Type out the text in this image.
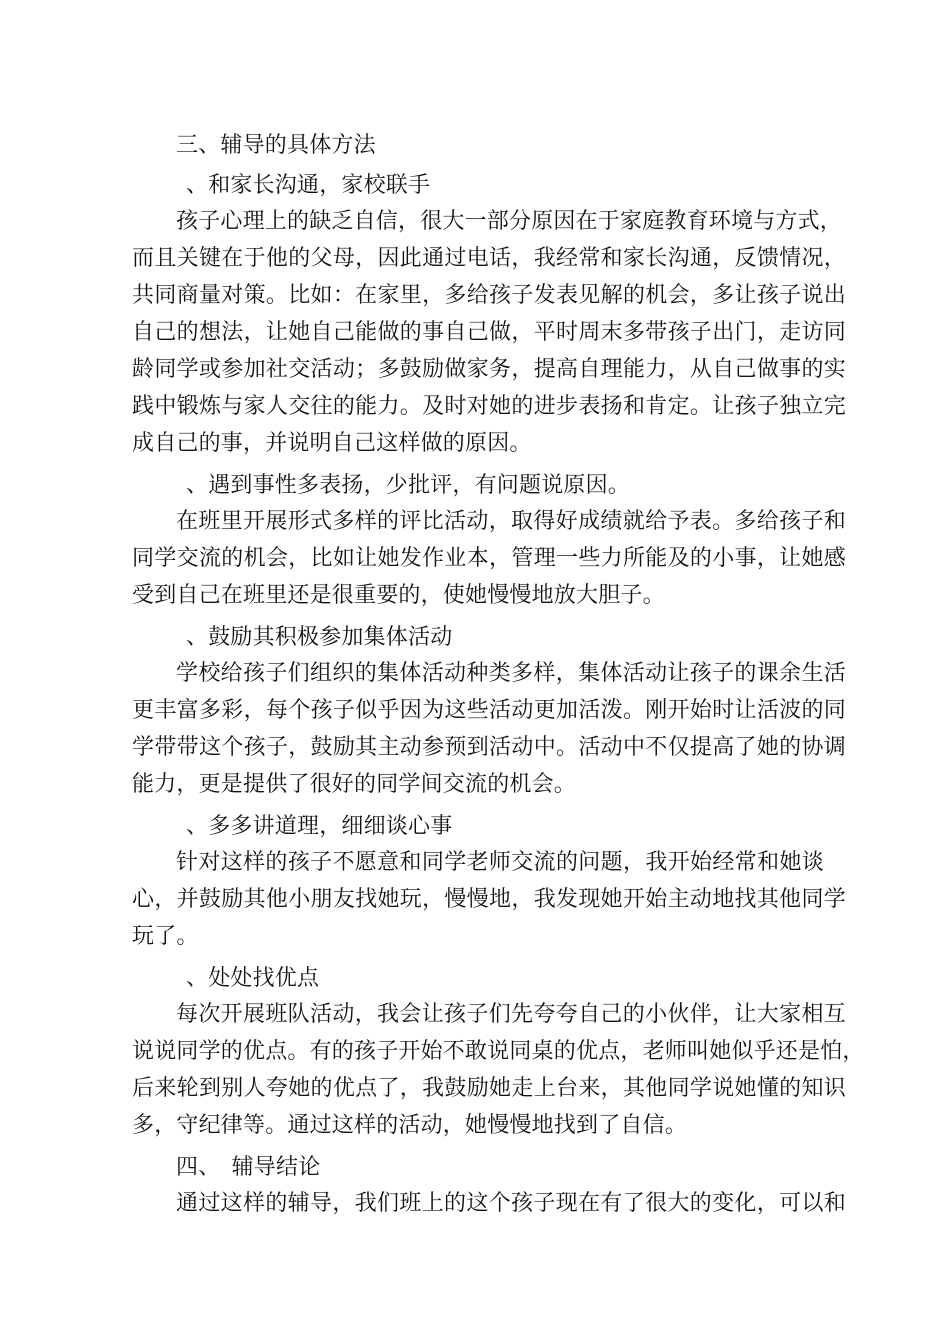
三、辅导的具体方法
、和家长沟通，家校联手
孩子心理上的缺乏自信，很大一部分原因在于家庭教育环境与方式，
而且关键在于他的父母，因此通过电话，我经常和家长沟通，反馈情况，
共同商量对策。比如：在家里，多给孩子发表见解的机会，多让孩子说出
自己的想法，让她自己能做的事自己做，平时周末多带孩子出门，走访同
龄同学或参加社交活动；多鼓励做家务，提高自理能力，从自己做事的实
践中锻炼与家人交往的能力。及时对她的进步表扬和肯定。让孩子独立完
成自己的事，并说明自己这样做的原因。
、遇到事性多表扬，少批评，有问题说原因。
在班里开展形式多样的评比活动，取得好成绩就给予表。多给孩子和
同学交流的机会，比如让她发作业本，管理一些力所能及的小事，让她感
受到自己在班里还是很重要的，使她慢慢地放大胆子。
、鼓励其积极参加集体活动
学校给孩子们组织的集体活动种类多样，集体活动让孩子的课余生活
更丰富多彩，每个孩子似乎因为这些活动更加活泼。刚开始时让活波的同
学带带这个孩子，鼓励其主动参预到活动中。活动中不仅提高了她的协调
能力，更是提供了很好的同学间交流的机会。
、多多讲道理，细细谈心事
针对这样的孩子不愿意和同学老师交流的问题，我开始经常和她谈
心，并鼓励其他小朋友找她玩，慢慢地，我发现她开始主动地找其他同学
玩了。
、处处找优点
每次开展班队活动，我会让孩子们先夸夸自己的小伙伴，让大家相互
说说同学的优点。有的孩子开始不敢说同桌的优点，老师叫她似乎还是怕，
后来轮到别人夸她的优点了，我鼓励她走上台来，其他同学说她懂的知识
多，守纪律等。通过这样的活动，她慢慢地找到了自信。
四、　辅导结论
通过这样的辅导，我们班上的这个孩子现在有了很大的变化，可以和
